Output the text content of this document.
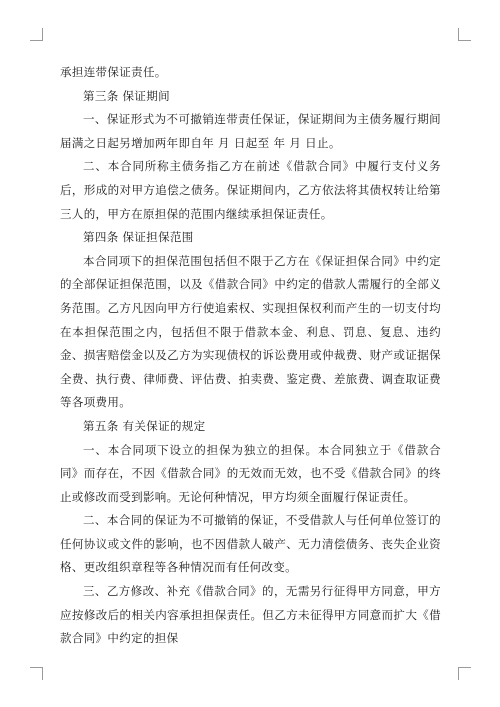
承担连带保证责任。

第三条 保证期间

一、保证形式为不可撤销连带责任保证，保证期间为主债务履行期间届满之日起另增加两年即自年 月 日起至 年 月 日止。

二、本合同所称主债务指乙方在前述《借款合同》中履行支付义务后，形成的对甲方追偿之债务。保证期间内，乙方依法将其债权转让给第三人的，甲方在原担保的范围内继续承担保证责任。

第四条 保证担保范围

本合同项下的担保范围包括但不限于乙方在《保证担保合同》中约定的全部保证担保范围，以及《借款合同》中约定的借款人需履行的全部义务范围。乙方凡因向甲方行使追索权、实现担保权利而产生的一切支付均在本担保范围之内，包括但不限于借款本金、利息、罚息、复息、违约金、损害赔偿金以及乙方为实现债权的诉讼费用或仲裁费、财产或证据保全费、执行费、律师费、评估费、拍卖费、鉴定费、差旅费、调查取证费等各项费用。

第五条 有关保证的规定

一、本合同项下设立的担保为独立的担保。本合同独立于《借款合同》而存在，不因《借款合同》的无效而无效，也不受《借款合同》的终止或修改而受到影响。无论何种情况，甲方均须全面履行保证责任。

二、本合同的保证为不可撤销的保证，不受借款人与任何单位签订的任何协议或文件的影响，也不因借款人破产、无力清偿债务、丧失企业资格、更改组织章程等各种情况而有任何改变。

三、乙方修改、补充《借款合同》的，无需另行征得甲方同意，甲方应按修改后的相关内容承担担保责任。但乙方未征得甲方同意而扩大《借款合同》中约定的担保
